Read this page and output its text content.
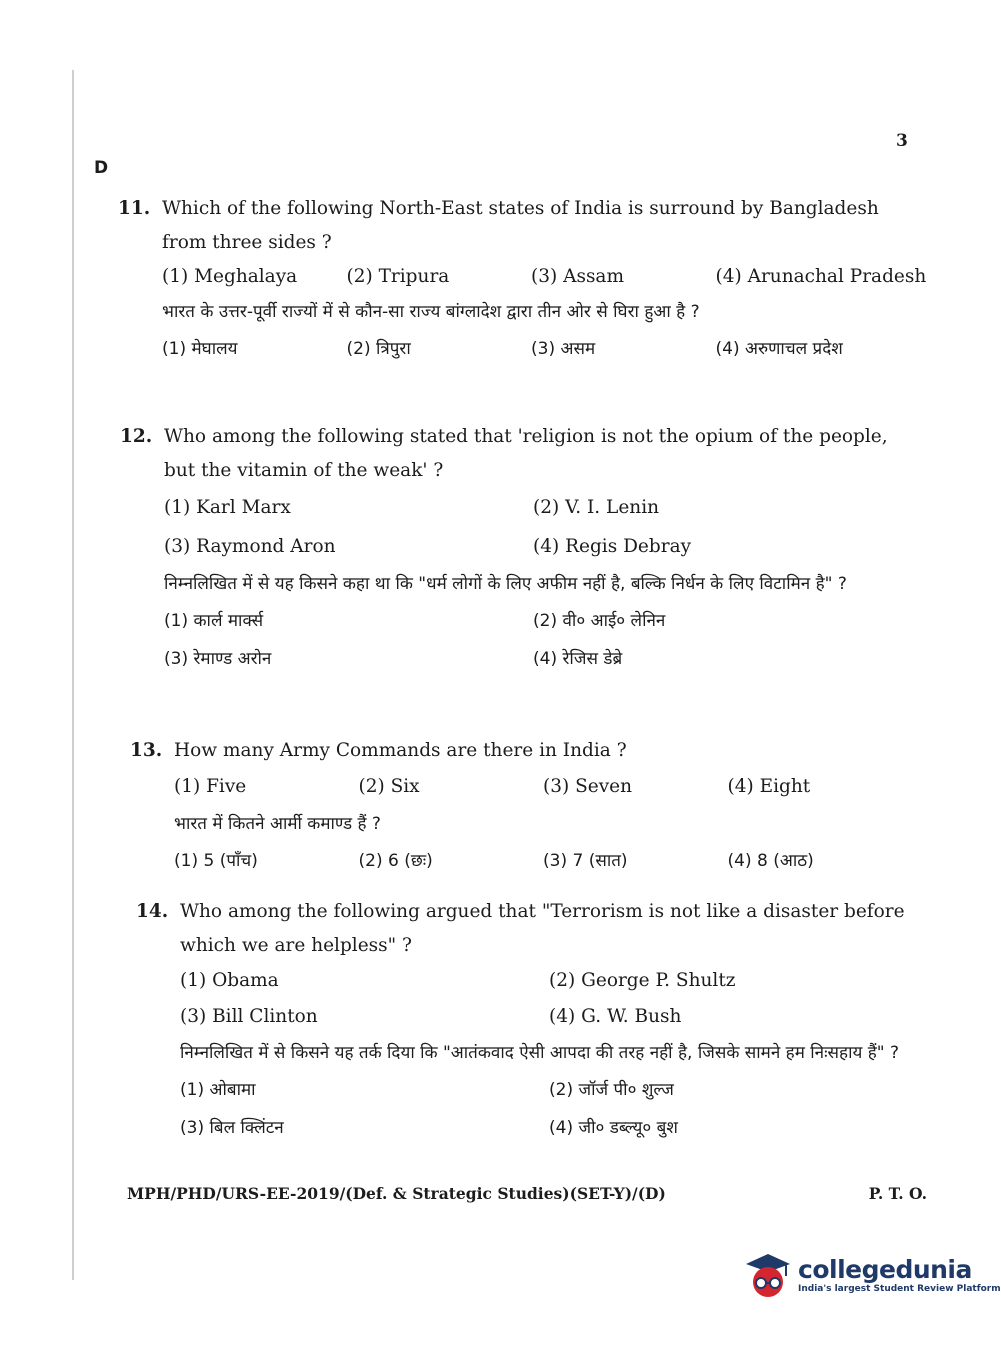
3
D
11. Which of the following North-East states of India is surround by Bangladesh from three sides ?
(1) Meghalaya	(2) Tripura	(3) Assam	(4) Arunachal Pradesh
भारत के उत्तर-पूर्वी राज्यों में से कौन-सा राज्य बांग्लादेश द्वारा तीन ओर से घिरा हुआ है ?
(1) मेघालय	(2) त्रिपुरा	(3) असम	(4) अरुणाचल प्रदेश
12. Who among the following stated that 'religion is not the opium of the people, but the vitamin of the weak' ?
(1) Karl Marx	(2) V. I. Lenin
(3) Raymond Aron	(4) Regis Debray
निम्नलिखित में से यह किसने कहा था कि "धर्म लोगों के लिए अफीम नहीं है, बल्कि निर्धन के लिए विटामिन है" ?
(1) कार्ल मार्क्स	(2) वी० आई० लेनिन
(3) रेमाण्ड अरोन	(4) रेजिस डेब्रे
13. How many Army Commands are there in India ?
(1) Five	(2) Six	(3) Seven	(4) Eight
भारत में कितने आर्मी कमाण्ड हैं ?
(1) 5 (पाँच)	(2) 6 (छः)	(3) 7 (सात)	(4) 8 (आठ)
14. Who among the following argued that "Terrorism is not like a disaster before which we are helpless" ?
(1) Obama	(2) George P. Shultz
(3) Bill Clinton	(4) G. W. Bush
निम्नलिखित में से किसने यह तर्क दिया कि "आतंकवाद ऐसी आपदा की तरह नहीं है, जिसके सामने हम निःसहाय हैं" ?
(1) ओबामा	(2) जॉर्ज पी० शुल्ज
(3) बिल क्लिंटन	(4) जी० डब्ल्यू० बुश
MPH/PHD/URS-EE-2019/(Def. & Strategic Studies)(SET-Y)/(D)	P. T. O.
collegedunia
India's largest Student Review Platform
